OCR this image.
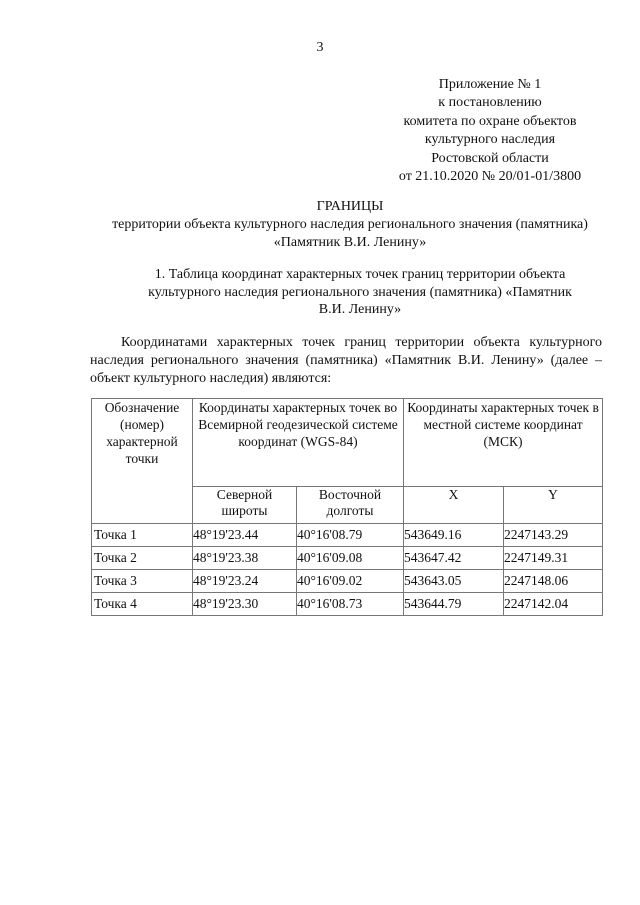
3
Приложение № 1
к постановлению
комитета по охране объектов
культурного наследия
Ростовской области
от 21.10.2020 № 20/01-01/3800
ГРАНИЦЫ
территории объекта культурного наследия регионального значения (памятника)
«Памятник В.И. Ленину»
1. Таблица координат характерных точек границ территории объекта
культурного наследия регионального значения (памятника) «Памятник
В.И. Ленину»
Координатами характерных точек границ территории объекта культурного наследия регионального значения (памятника) «Памятник В.И. Ленину» (далее – объект культурного наследия) являются:
Обозначение (номер) характерной точки	Координаты характерных точек во Всемирной геодезической системе координат (WGS-84)		Координаты характерных точек в местной системе координат (МСК)	
	Северной широты	Восточной долготы	X	Y
Точка 1	48°19'23.44	40°16'08.79	543649.16	2247143.29
Точка 2	48°19'23.38	40°16'09.08	543647.42	2247149.31
Точка 3	48°19'23.24	40°16'09.02	543643.05	2247148.06
Точка 4	48°19'23.30	40°16'08.73	543644.79	2247142.04
